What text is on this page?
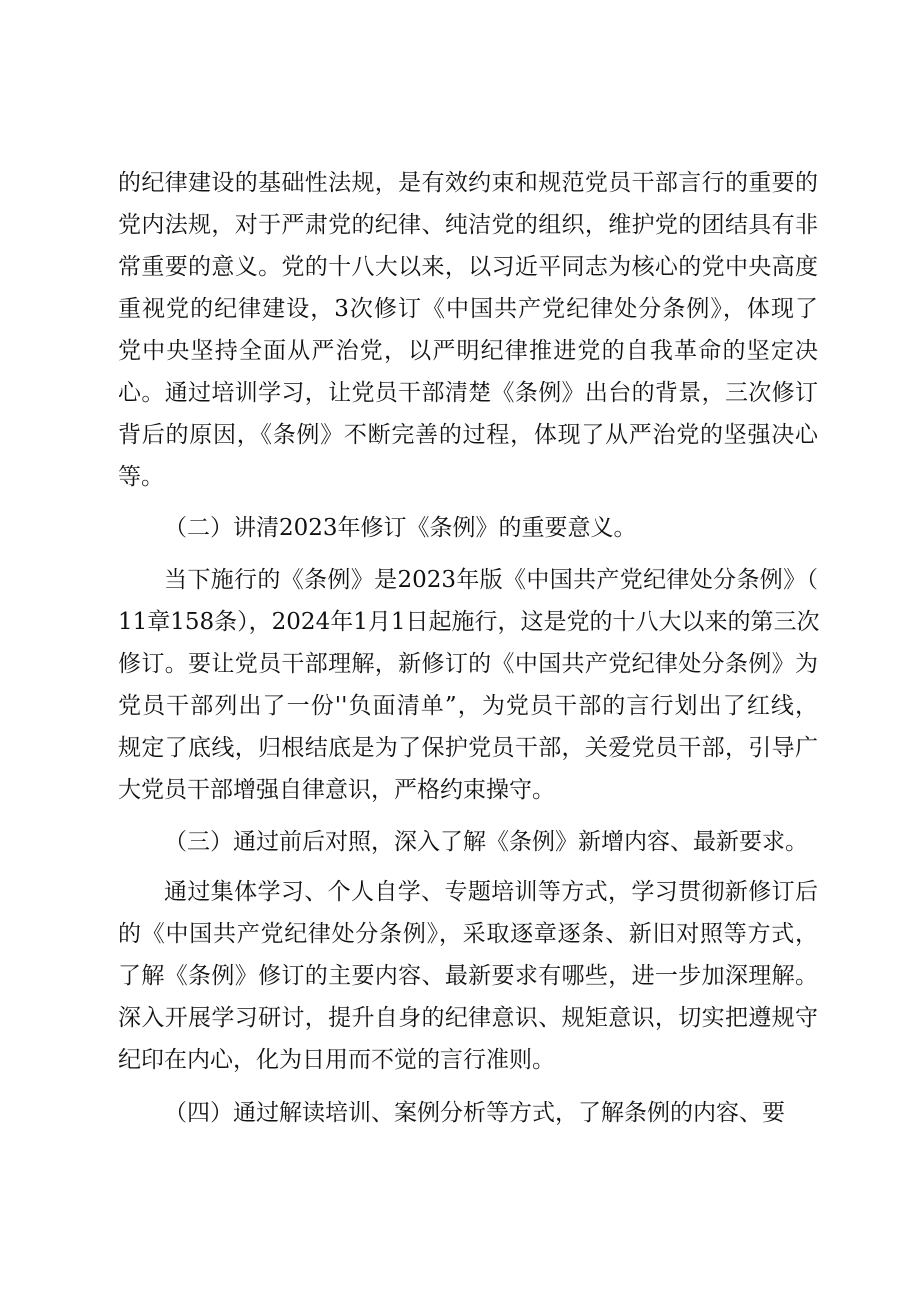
的纪律建设的基础性法规，是有效约束和规范党员干部言行的重要的
党内法规，对于严肃党的纪律、纯洁党的组织，维护党的团结具有非
常重要的意义。党的十八大以来，以习近平同志为核心的党中央高度
重视党的纪律建设，3次修订《中国共产党纪律处分条例》，体现了
党中央坚持全面从严治党，以严明纪律推进党的自我革命的坚定决
心。通过培训学习，让党员干部清楚《条例》出台的背景，三次修订
背后的原因，《条例》不断完善的过程，体现了从严治党的坚强决心
等。
（二）讲清2023年修订《条例》的重要意义。
当下施行的《条例》是2023年版《中国共产党纪律处分条例》（
11章158条），2024年1月1日起施行，这是党的十八大以来的第三次
修订。要让党员干部理解，新修订的《中国共产党纪律处分条例》为
党员干部列出了一份''负面清单”，为党员干部的言行划出了红线，
规定了底线，归根结底是为了保护党员干部，关爱党员干部，引导广
大党员干部增强自律意识，严格约束操守。
（三）通过前后对照，深入了解《条例》新增内容、最新要求。
通过集体学习、个人自学、专题培训等方式，学习贯彻新修订后
的《中国共产党纪律处分条例》，采取逐章逐条、新旧对照等方式，
了解《条例》修订的主要内容、最新要求有哪些，进一步加深理解。
深入开展学习研讨，提升自身的纪律意识、规矩意识，切实把遵规守
纪印在内心，化为日用而不觉的言行准则。
（四）通过解读培训、案例分析等方式，了解条例的内容、要
